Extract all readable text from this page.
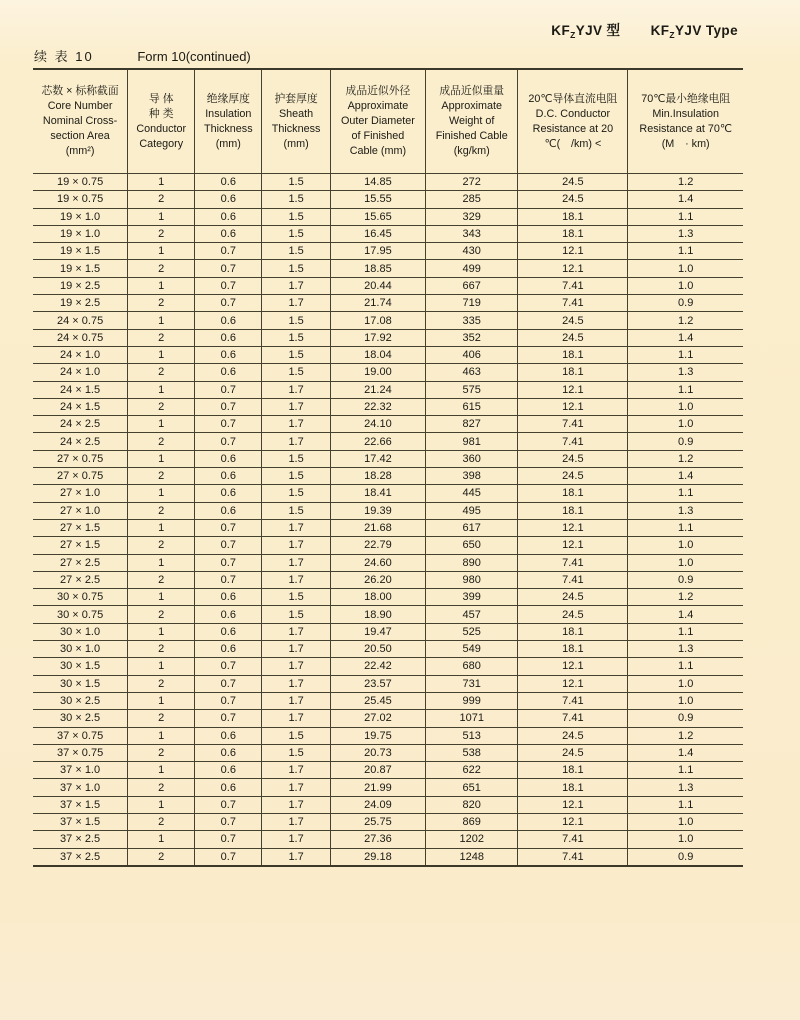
$KF_ZYJV$ 型 $KF_ZYJV$ Type
续 表 10	Form 10(continued)
芯数 × 标称截面
Core Number
Nominal Cross-
section Area
(mm²)	导 体
种 类
Conductor
Category	绝缘厚度
Insulation
Thickness
(mm)	护套厚度
Sheath
Thickness
(mm)	成品近似外径
Approximate
Outer Diameter
of Finished
Cable (mm)	成品近似重量
Approximate
Weight of
Finished Cable
(kg/km)	20℃导体直流电阻
D.C. Conductor
Resistance at 20
℃(　/km) <	70℃最小绝缘电阻
Min.Insulation
Resistance at 70℃
(M　· km)
19 × 0.75	1	0.6	1.5	14.85	272	24.5	1.2
19 × 0.75	2	0.6	1.5	15.55	285	24.5	1.4
19 × 1.0	1	0.6	1.5	15.65	329	18.1	1.1
19 × 1.0	2	0.6	1.5	16.45	343	18.1	1.3
19 × 1.5	1	0.7	1.5	17.95	430	12.1	1.1
19 × 1.5	2	0.7	1.5	18.85	499	12.1	1.0
19 × 2.5	1	0.7	1.7	20.44	667	7.41	1.0
19 × 2.5	2	0.7	1.7	21.74	719	7.41	0.9
24 × 0.75	1	0.6	1.5	17.08	335	24.5	1.2
24 × 0.75	2	0.6	1.5	17.92	352	24.5	1.4
24 × 1.0	1	0.6	1.5	18.04	406	18.1	1.1
24 × 1.0	2	0.6	1.5	19.00	463	18.1	1.3
24 × 1.5	1	0.7	1.7	21.24	575	12.1	1.1
24 × 1.5	2	0.7	1.7	22.32	615	12.1	1.0
24 × 2.5	1	0.7	1.7	24.10	827	7.41	1.0
24 × 2.5	2	0.7	1.7	22.66	981	7.41	0.9
27 × 0.75	1	0.6	1.5	17.42	360	24.5	1.2
27 × 0.75	2	0.6	1.5	18.28	398	24.5	1.4
27 × 1.0	1	0.6	1.5	18.41	445	18.1	1.1
27 × 1.0	2	0.6	1.5	19.39	495	18.1	1.3
27 × 1.5	1	0.7	1.7	21.68	617	12.1	1.1
27 × 1.5	2	0.7	1.7	22.79	650	12.1	1.0
27 × 2.5	1	0.7	1.7	24.60	890	7.41	1.0
27 × 2.5	2	0.7	1.7	26.20	980	7.41	0.9
30 × 0.75	1	0.6	1.5	18.00	399	24.5	1.2
30 × 0.75	2	0.6	1.5	18.90	457	24.5	1.4
30 × 1.0	1	0.6	1.7	19.47	525	18.1	1.1
30 × 1.0	2	0.6	1.7	20.50	549	18.1	1.3
30 × 1.5	1	0.7	1.7	22.42	680	12.1	1.1
30 × 1.5	2	0.7	1.7	23.57	731	12.1	1.0
30 × 2.5	1	0.7	1.7	25.45	999	7.41	1.0
30 × 2.5	2	0.7	1.7	27.02	1071	7.41	0.9
37 × 0.75	1	0.6	1.5	19.75	513	24.5	1.2
37 × 0.75	2	0.6	1.5	20.73	538	24.5	1.4
37 × 1.0	1	0.6	1.7	20.87	622	18.1	1.1
37 × 1.0	2	0.6	1.7	21.99	651	18.1	1.3
37 × 1.5	1	0.7	1.7	24.09	820	12.1	1.1
37 × 1.5	2	0.7	1.7	25.75	869	12.1	1.0
37 × 2.5	1	0.7	1.7	27.36	1202	7.41	1.0
37 × 2.5	2	0.7	1.7	29.18	1248	7.41	0.9
